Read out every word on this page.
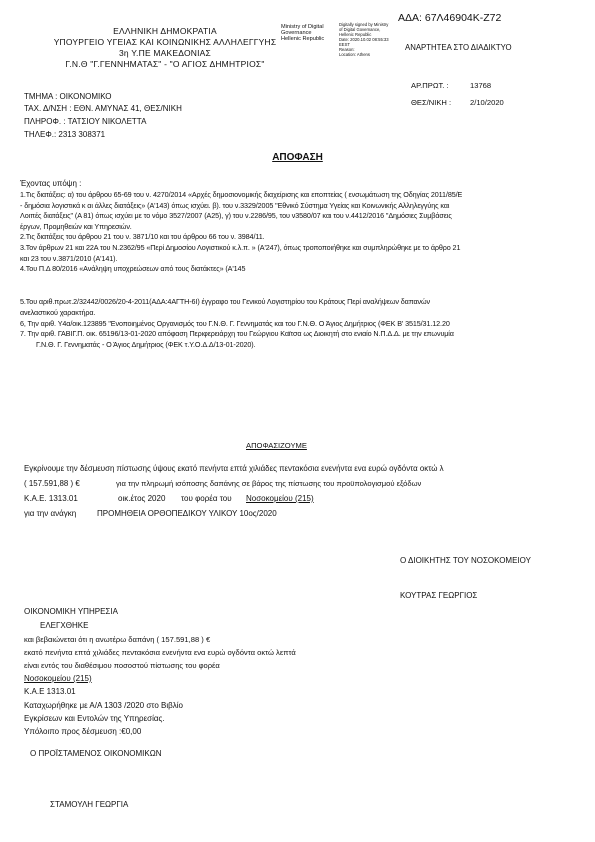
ΑΔΑ: 67Λ46904Κ-Ζ72
ΕΛΛΗΝΙΚΗ ΔΗΜΟΚΡΑΤΙΑ
ΥΠΟΥΡΓΕΙΟ ΥΓΕΙΑΣ ΚΑΙ ΚΟΙΝΩΝΙΚΗΣ ΑΛΛΗΛΕΓΓΥΗΣ
3η Υ.ΠΕ ΜΑΚΕΔΟΝΙΑΣ
Γ.Ν.Θ "Γ.ΓΕΝΝΗΜΑΤΑΣ" - "Ο ΑΓΙΟΣ ΔΗΜΗΤΡΙΟΣ"
Ministry of Digital
Governance
Hellenic Republic
Digitally signed by Ministry
of Digital Governance,
Hellenic Republic
Date: 2020.10.02 08:55:33
EEST
Reason:
Location: Athens
ΑΝΑΡΤΗΤΕΑ ΣΤΟ ΔΙΑΔΙΚΤΥΟ
ΑΡ.ΠΡΩΤ. :	13768
ΘΕΣ/ΝΙΚΗ : 2/10/2020
ΤΜΗΜΑ : ΟΙΚΟΝΟΜΙΚΟ
ΤΑΧ. Δ/ΝΣΗ : ΕΘΝ. ΑΜΥΝΑΣ 41, ΘΕΣ/ΝΙΚΗ
ΠΛΗΡΟΦ. : ΤΑΤΣΙΟΥ ΝΙΚΟΛΕΤΤΑ
ΤΗΛΕΦ.: 2313 308371
ΑΠΟΦΑΣΗ
Έχοντας υπόψη :
1.Τις διατάξεις: α) του άρθρου 65-69 του ν. 4270/2014 «Αρχές δημοσιονομικής διαχείρισης και εποπτείας ( ενσωμάτωση της Οδηγίας 2011/85/Ε
- δημόσια λογιστικά κ αι άλλες διατάξεις» (Α'143) όπως ισχύει. β). του ν.3329/2005 "Εθνικό Σύστημα Υγείας και Κοινωνικής Αλληλεγγύης και
Λοιπές διατάξεις" (Α 81) όπως ισχύει με το νόμο 3527/2007 (Α25), γ) του ν.2286/95, του ν3580/07 και του ν.4412/2016 "Δημόσιες Συμβάσεις
έργων, Προμηθειών και Υπηρεσιών.
2.Τις διατάξεις του άρθρου 21 του ν. 3871/10 και του άρθρου 66 του ν. 3984/11.
3.Τον άρθρων 21 και 22Α του Ν.2362/95 «Περί Δημοσίου Λογιστικού κ.λ.π. » (Α'247), όπως τροποποιήθηκε και συμπληρώθηκε με το άρθρο 21
και 23 του ν.3871/2010 (Α'141).
4.Του Π.Δ 80/2016 «Ανάληψη υποχρεώσεων από τους διατάκτες» (Α'145
5.Του αριθ.πρωτ.2/32442/0026/20-4-2011(ΑΔΑ:4ΑΓΤΗ-6Ι) έγγραφο του Γενικού Λογιστηρίου του Κράτους Περί αναλήψεων δαπανών
ανελαστικού χαρακτήρα.
6, Την αριθ. Υ4α/οικ.123895 "Ενοποιημένος Οργανισμός του Γ.Ν.Θ. Γ. Γεννηματάς και του Γ.Ν.Θ. Ο Άγιος Δημήτριος (ΦΕΚ Β' 3515/31.12.20
7. Την αριθ. ΓΑΒΙΓ.Π. οικ. 65196/13-01-2020 απόφαση Περιφερειάρχη του Γεώργιου Καϊτσα ως Διοικητή στο ενιαίο Ν.Π.Δ.Δ. με την επωνυμία
Γ.Ν.Θ. Γ. Γεννηματάς - Ο Άγιος Δημήτριος (ΦΕΚ τ.Υ.Ο.Δ.Δ/13-01-2020).
ΑΠΟΦΑΣΙΖΟΥΜΕ
Εγκρίνουμε την δέσμευση πίστωσης ύψους εκατό πενήντα επτά χιλιάδες πεντακόσια ενενήντα ενα ευρώ ογδόντα οκτώ λ
( 157.591,88 ) €	για την πληρωμή ισόποσης δαπάνης σε βάρος της πίστωσης του προϋπολογισμού εξόδων
Κ.Α.Ε. 1313.01	οικ.έτος 2020 του φορέα του Νοσοκομείου (215)
για την ανάγκη	ΠΡΟΜΗΘΕΙΑ ΟΡΘΟΠΕΔΙΚΟΥ ΥΛΙΚΟΥ 10ος/2020
Ο ΔΙΟΙΚΗΤΗΣ ΤΟΥ ΝΟΣΟΚΟΜΕΙΟΥ
ΚΟΥΤΡΑΣ ΓΕΩΡΓΙΟΣ
ΟΙΚΟΝΟΜΙΚΗ ΥΠΗΡΕΣΙΑ
ΕΛΕΓΧΘΗΚΕ
και βεβαιώνεται ότι η ανωτέρω δαπάνη ( 157.591,88 ) €
εκατό πενήντα επτά χιλιάδες πεντακόσια ενενήντα ενα ευρώ ογδόντα οκτώ λεπτά
είναι εντός του διαθέσιμου ποσοστού πίστωσης του φορέα
Νοσοκομείου (215)
Κ.Α.Ε 1313.01
Καταχωρήθηκε με Α/Α 1303 /2020 στο Βιβλίο
Εγκρίσεων και Εντολών της Υπηρεσίας.
Υπόλοιπο προς δέσμευση :€0,00
Ο ΠΡΟΪΣΤΑΜΕΝΟΣ ΟΙΚΟΝΟΜΙΚΩΝ
ΣΤΑΜΟΥΛΗ ΓΕΩΡΓΙΑ
